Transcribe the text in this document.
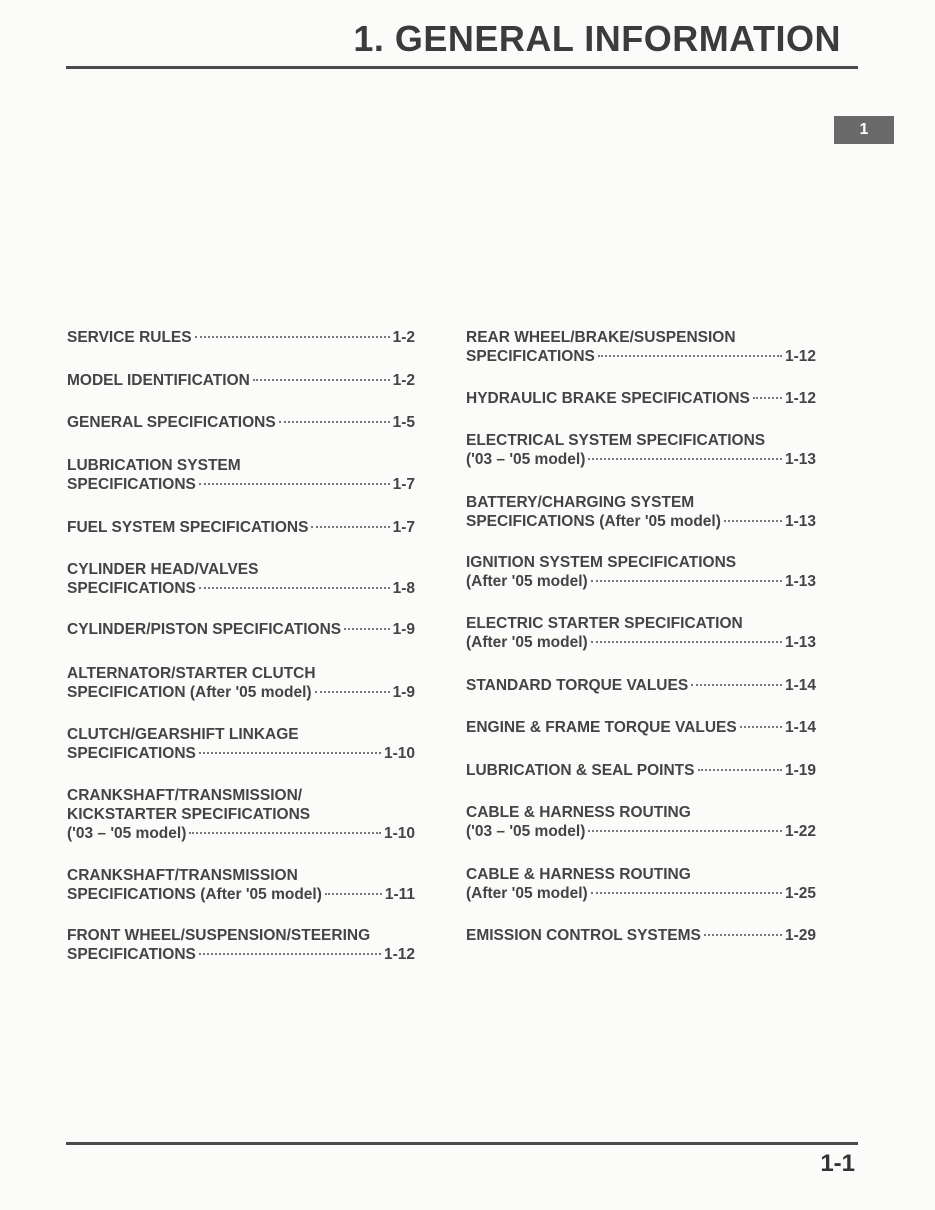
1. GENERAL INFORMATION
1
SERVICE RULES	1-2
MODEL IDENTIFICATION	1-2
GENERAL SPECIFICATIONS	1-5
LUBRICATION SYSTEM
SPECIFICATIONS	1-7
FUEL SYSTEM SPECIFICATIONS	1-7
CYLINDER HEAD/VALVES
SPECIFICATIONS	1-8
CYLINDER/PISTON SPECIFICATIONS	1-9
ALTERNATOR/STARTER CLUTCH
SPECIFICATION (After '05 model)	1-9
CLUTCH/GEARSHIFT LINKAGE
SPECIFICATIONS	1-10
CRANKSHAFT/TRANSMISSION/
KICKSTARTER SPECIFICATIONS
('03 – '05 model)	1-10
CRANKSHAFT/TRANSMISSION
SPECIFICATIONS (After '05 model)	1-11
FRONT WHEEL/SUSPENSION/STEERING
SPECIFICATIONS	1-12
REAR WHEEL/BRAKE/SUSPENSION
SPECIFICATIONS	1-12
HYDRAULIC BRAKE SPECIFICATIONS 1-12
ELECTRICAL SYSTEM SPECIFICATIONS
('03 – '05 model)	1-13
BATTERY/CHARGING SYSTEM
SPECIFICATIONS (After '05 model)	1-13
IGNITION SYSTEM SPECIFICATIONS
(After '05 model)	1-13
ELECTRIC STARTER SPECIFICATION
(After '05 model)	1-13
STANDARD TORQUE VALUES	1-14
ENGINE & FRAME TORQUE VALUES	1-14
LUBRICATION & SEAL POINTS	1-19
CABLE & HARNESS ROUTING
('03 – '05 model)	1-22
CABLE & HARNESS ROUTING
(After '05 model)	1-25
EMISSION CONTROL SYSTEMS	1-29
1-1
